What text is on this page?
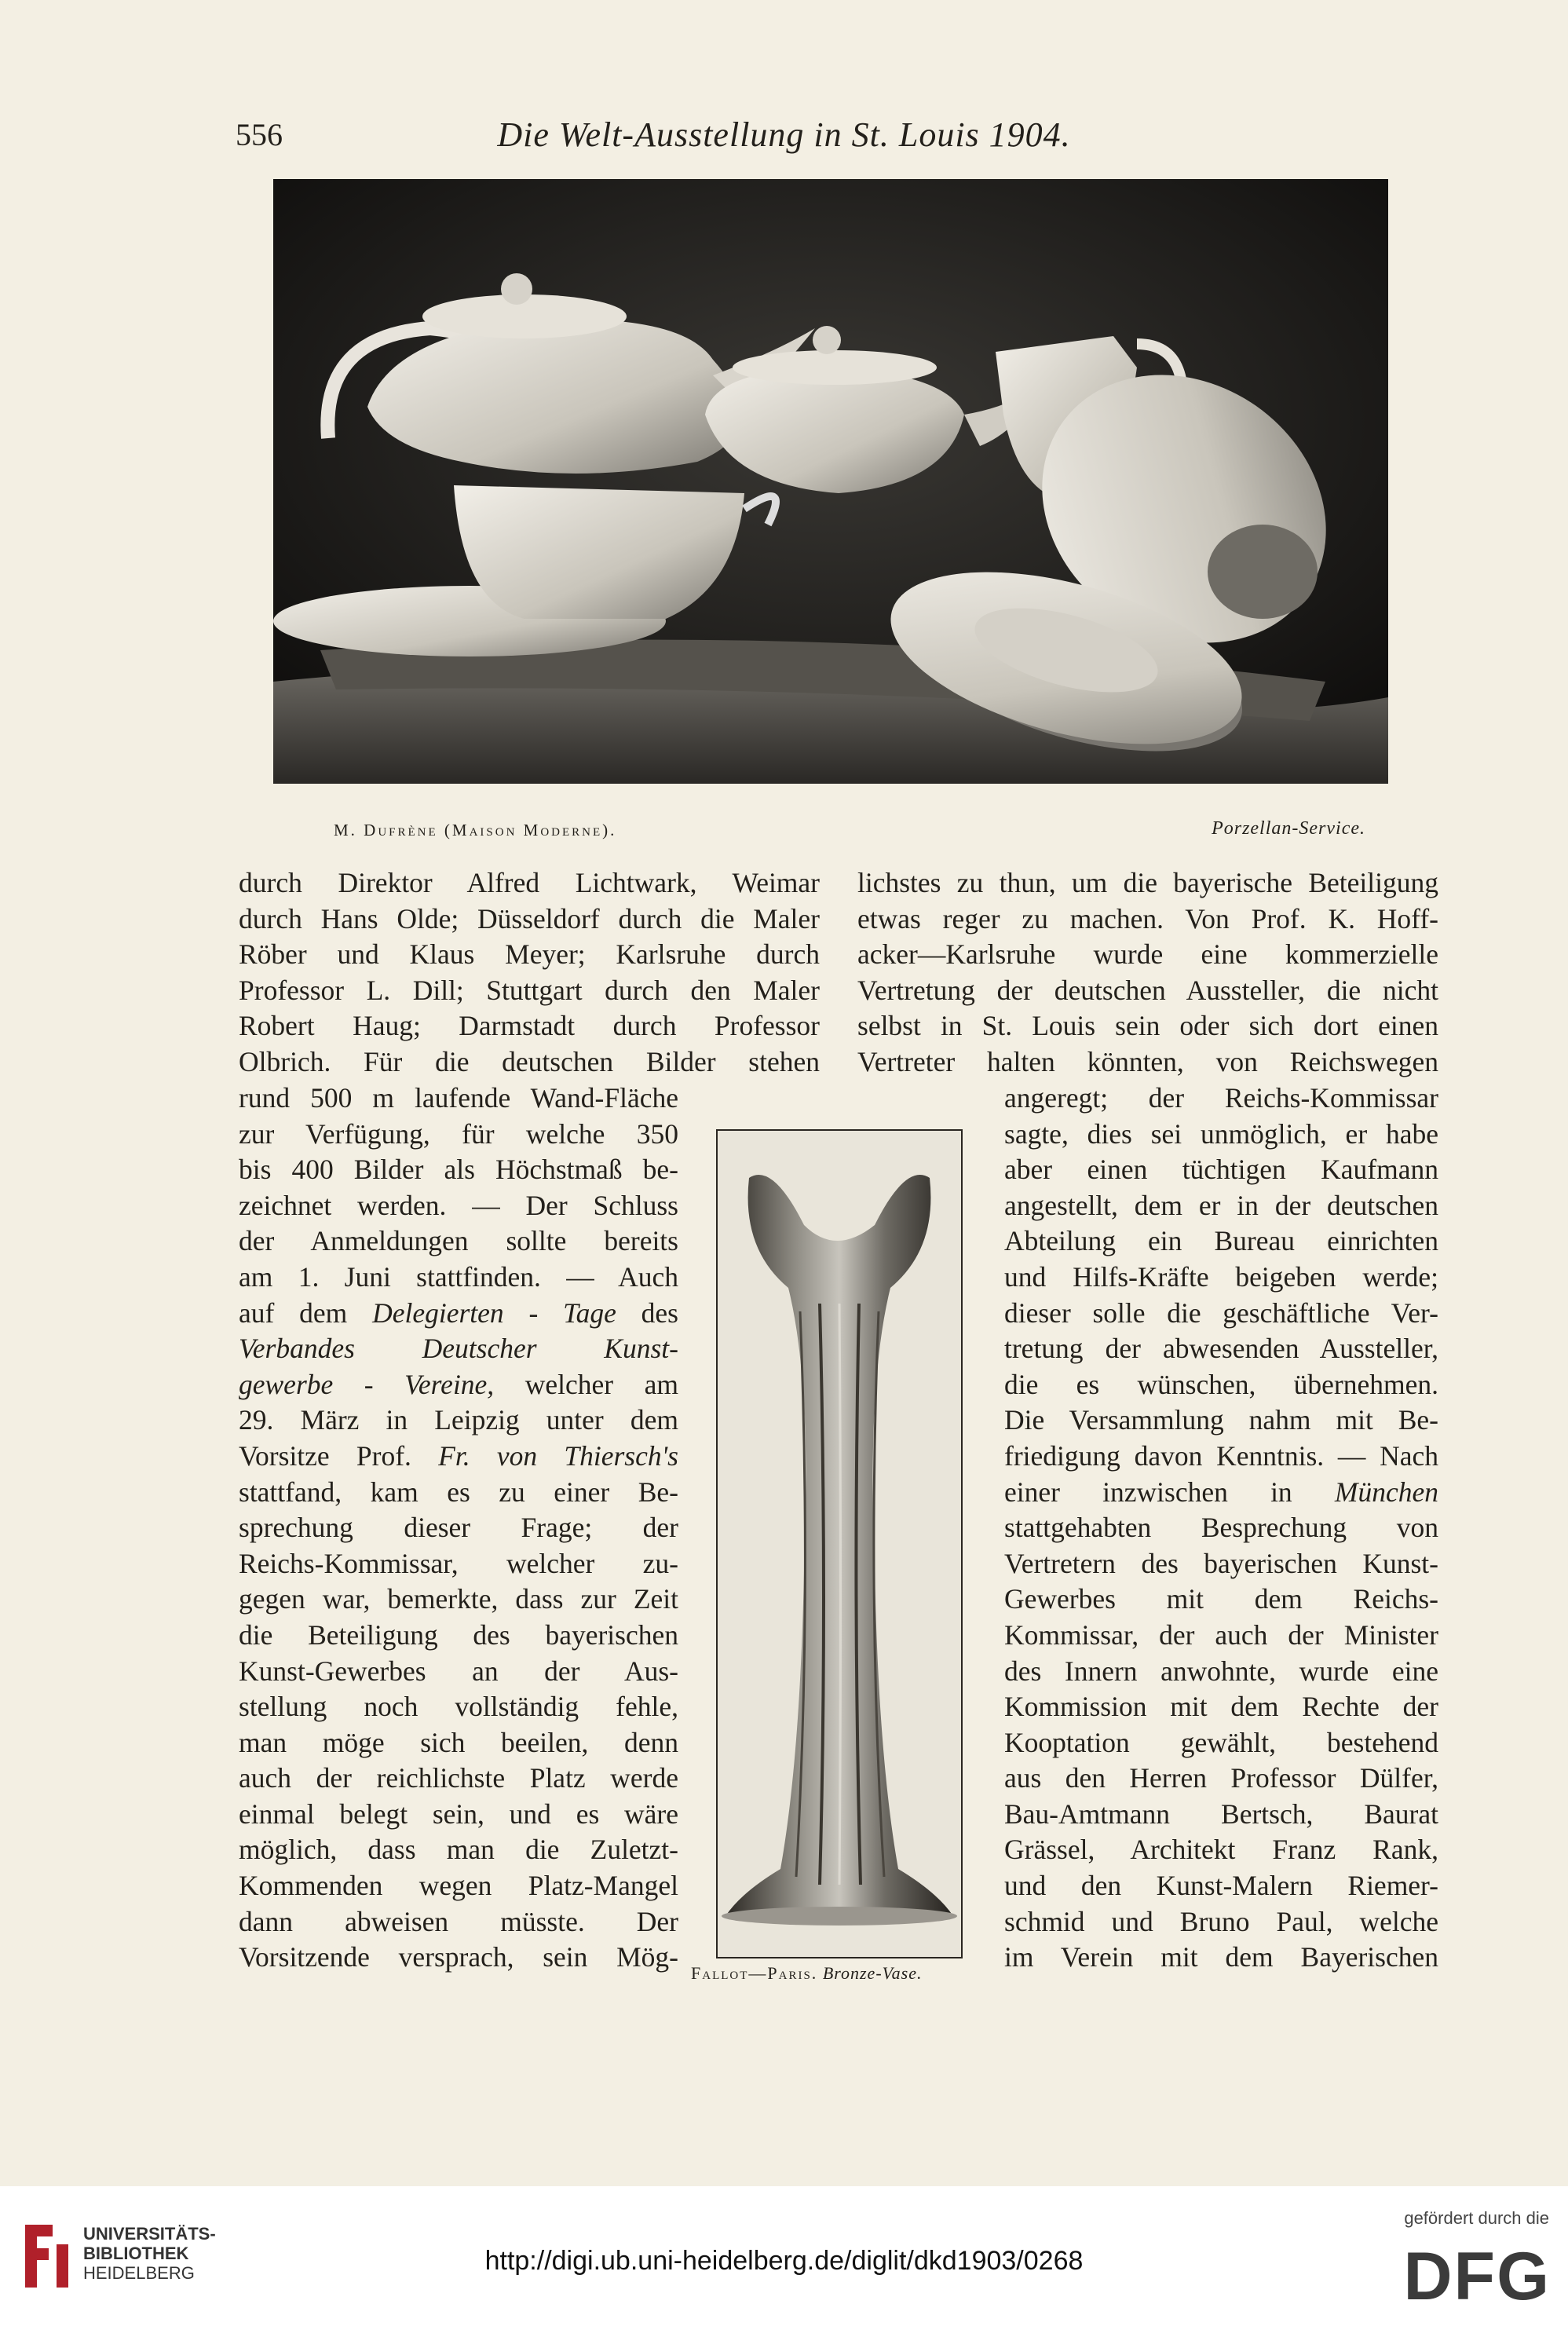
556	Die Welt-Ausstellung in St. Louis 1904.
M. Dufrène (Maison Moderne).	Porzellan-Service.
durch Direktor Alfred Lichtwark, Weimar
durch Hans Olde; Düsseldorf durch die Maler
Röber und Klaus Meyer; Karlsruhe durch
Professor L. Dill; Stuttgart durch den Maler
Robert Haug; Darmstadt durch Professor
Olbrich. Für die deutschen Bilder stehen
rund 500 m laufende Wand-Fläche
zur Verfügung, für welche 350
bis 400 Bilder als Höchstmaß be-
zeichnet werden. — Der Schluss
der Anmeldungen sollte bereits
am 1. Juni stattfinden. — Auch
auf dem Delegierten - Tage des
Verbandes Deutscher Kunst-
gewerbe - Vereine, welcher am
29. März in Leipzig unter dem
Vorsitze Prof. Fr. von Thiersch's
stattfand, kam es zu einer Be-
sprechung dieser Frage; der
Reichs-Kommissar, welcher zu-
gegen war, bemerkte, dass zur Zeit
die Beteiligung des bayerischen
Kunst-Gewerbes an der Aus-
stellung noch vollständig fehle,
man möge sich beeilen, denn
auch der reichlichste Platz werde
einmal belegt sein, und es wäre
möglich, dass man die Zuletzt-
Kommenden wegen Platz-Mangel
dann abweisen müsste. Der
Vorsitzende versprach, sein Mög-
lichstes zu thun, um die bayerische Beteiligung
etwas reger zu machen. Von Prof. K. Hoff-
acker—Karlsruhe wurde eine kommerzielle
Vertretung der deutschen Aussteller, die nicht
selbst in St. Louis sein oder sich dort einen
Vertreter halten könnten, von Reichswegen
angeregt; der Reichs-Kommissar
sagte, dies sei unmöglich, er habe
aber einen tüchtigen Kaufmann
angestellt, dem er in der deutschen
Abteilung ein Bureau einrichten
und Hilfs-Kräfte beigeben werde;
dieser solle die geschäftliche Ver-
tretung der abwesenden Aussteller,
die es wünschen, übernehmen.
Die Versammlung nahm mit Be-
friedigung davon Kenntnis. — Nach
einer inzwischen in München
stattgehabten Besprechung von
Vertretern des bayerischen Kunst-
Gewerbes mit dem Reichs-
Kommissar, der auch der Minister
des Innern anwohnte, wurde eine
Kommission mit dem Rechte der
Kooptation gewählt, bestehend
aus den Herren Professor Dülfer,
Bau-Amtmann Bertsch, Baurat
Grässel, Architekt Franz Rank,
und den Kunst-Malern Riemer-
schmid und Bruno Paul, welche
im Verein mit dem Bayerischen
Fallot—Paris. Bronze-Vase.
UNIVERSITÄTS-
BIBLIOTHEK
HEIDELBERG	http://digi.ub.uni-heidelberg.de/diglit/dkd1903/0268
gefördert durch die
DFG
